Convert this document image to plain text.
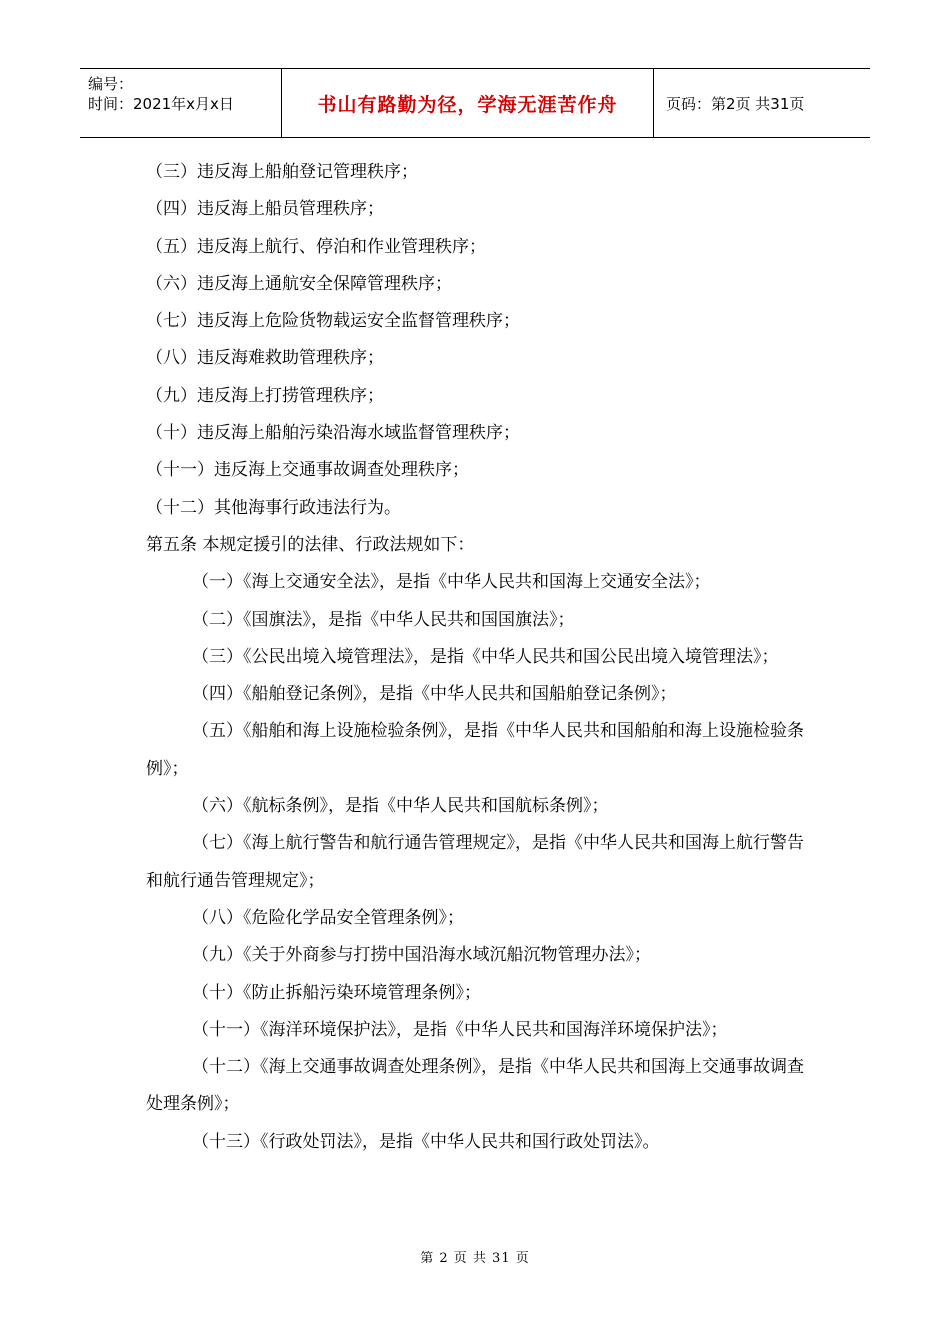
编号：
时间：2021年x月x日	书山有路勤为径，学海无涯苦作舟	页码：第2页 共31页
（三）违反海上船舶登记管理秩序；
（四）违反海上船员管理秩序；
（五）违反海上航行、停泊和作业管理秩序；
（六）违反海上通航安全保障管理秩序；
（七）违反海上危险货物载运安全监督管理秩序；
（八）违反海难救助管理秩序；
（九）违反海上打捞管理秩序；
（十）违反海上船舶污染沿海水域监督管理秩序；
（十一）违反海上交通事故调查处理秩序；
（十二）其他海事行政违法行为。
第五条 本规定援引的法律、行政法规如下：
（一）《海上交通安全法》，是指《中华人民共和国海上交通安全法》；
（二）《国旗法》，是指《中华人民共和国国旗法》；
（三）《公民出境入境管理法》，是指《中华人民共和国公民出境入境管理法》；
（四）《船舶登记条例》，是指《中华人民共和国船舶登记条例》；
（五）《船舶和海上设施检验条例》，是指《中华人民共和国船舶和海上设施检验条例》；
（六）《航标条例》，是指《中华人民共和国航标条例》；
（七）《海上航行警告和航行通告管理规定》，是指《中华人民共和国海上航行警告和航行通告管理规定》；
（八）《危险化学品安全管理条例》；
（九）《关于外商参与打捞中国沿海水域沉船沉物管理办法》；
（十）《防止拆船污染环境管理条例》；
（十一）《海洋环境保护法》，是指《中华人民共和国海洋环境保护法》；
（十二）《海上交通事故调查处理条例》，是指《中华人民共和国海上交通事故调查处理条例》；
（十三）《行政处罚法》，是指《中华人民共和国行政处罚法》。
第 2 页 共 31 页
